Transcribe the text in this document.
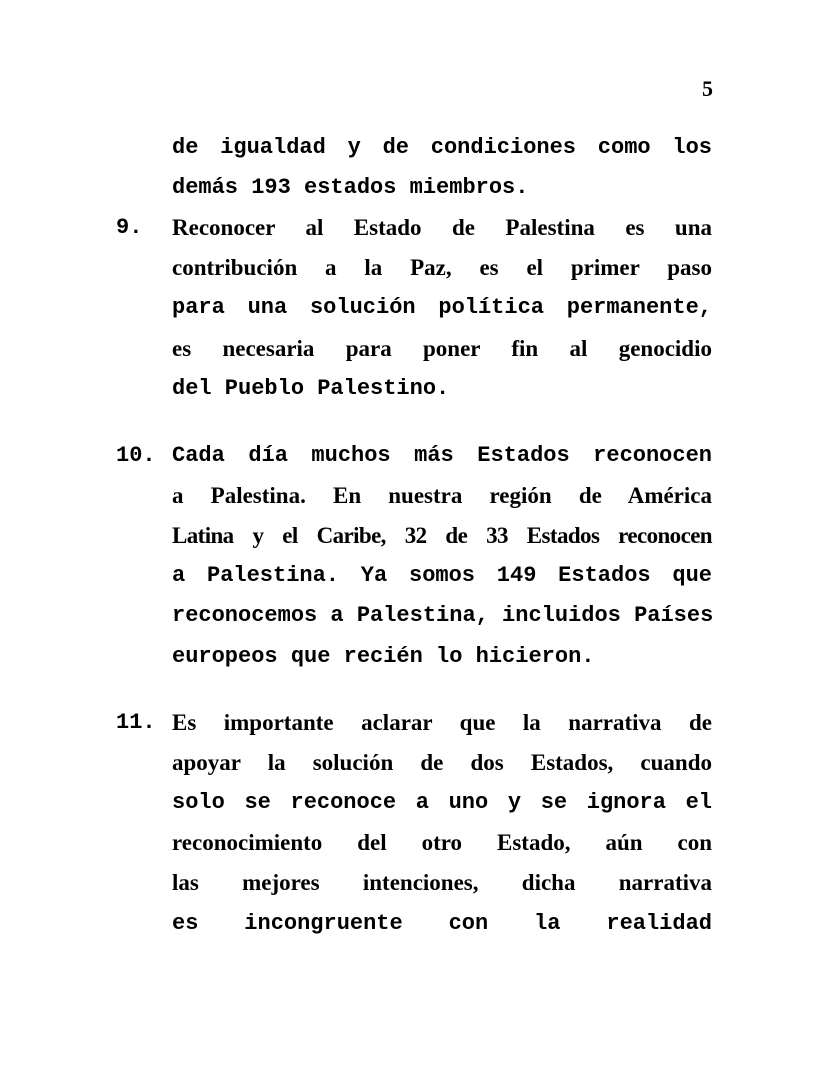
5
de igualdad y de condiciones como los
demás 193 estados miembros.
9. Reconocer al Estado de Palestina es una
contribución a la Paz, es el primer paso
para una solución política permanente,
es necesaria para poner fin al genocidio
del Pueblo Palestino.
10. Cada día muchos más Estados reconocen
a Palestina. En nuestra región de América
Latina y el Caribe, 32 de 33 Estados reconocen
a Palestina. Ya somos 149 Estados que
reconocemos a Palestina, incluidos Países
europeos que recién lo hicieron.
11. Es importante aclarar que la narrativa de
apoyar la solución de dos Estados, cuando
solo se reconoce a uno y se ignora el
reconocimiento del otro Estado, aún con
las mejores intenciones, dicha narrativa
es incongruente con la realidad
